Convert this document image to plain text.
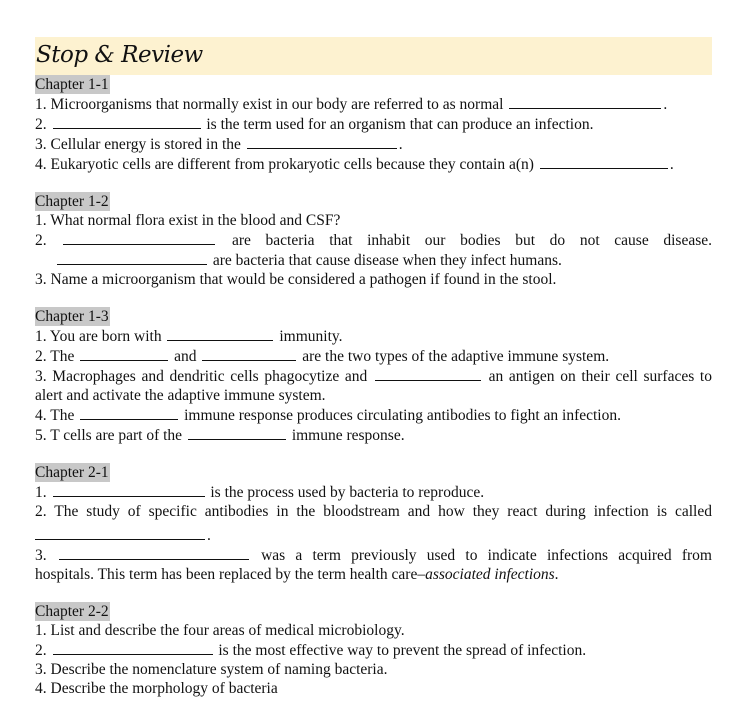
Stop & Review
Chapter 1-1
1. Microorganisms that normally exist in our body are referred to as normal	.
2.	is the term used for an organism that can produce an infection.
3. Cellular energy is stored in the	.
4. Eukaryotic cells are different from prokaryotic cells because they contain a(n)	.
Chapter 1-2
1. What normal flora exist in the blood and CSF?
2.	are bacteria that inhabit our bodies but do not cause disease.
are bacteria that cause disease when they infect humans.
3. Name a microorganism that would be considered a pathogen if found in the stool.
Chapter 1-3
1. You are born with	immunity.
2. The	and	are the two types of the adaptive immune system.
3. Macrophages and dendritic cells phagocytize and	an antigen on their cell surfaces to
alert and activate the adaptive immune system.
4. The	immune response produces circulating antibodies to fight an infection.
5. T cells are part of the	immune response.
Chapter 2-1
1.	is the process used by bacteria to reproduce.
2. The study of specific antibodies in the bloodstream and how they react during infection is called
.
3.	was a term previously used to indicate infections acquired from
hospitals. This term has been replaced by the term health care–associated infections.
Chapter 2-2
1. List and describe the four areas of medical microbiology.
2.	is the most effective way to prevent the spread of infection.
3. Describe the nomenclature system of naming bacteria.
4. Describe the morphology of bacteria
